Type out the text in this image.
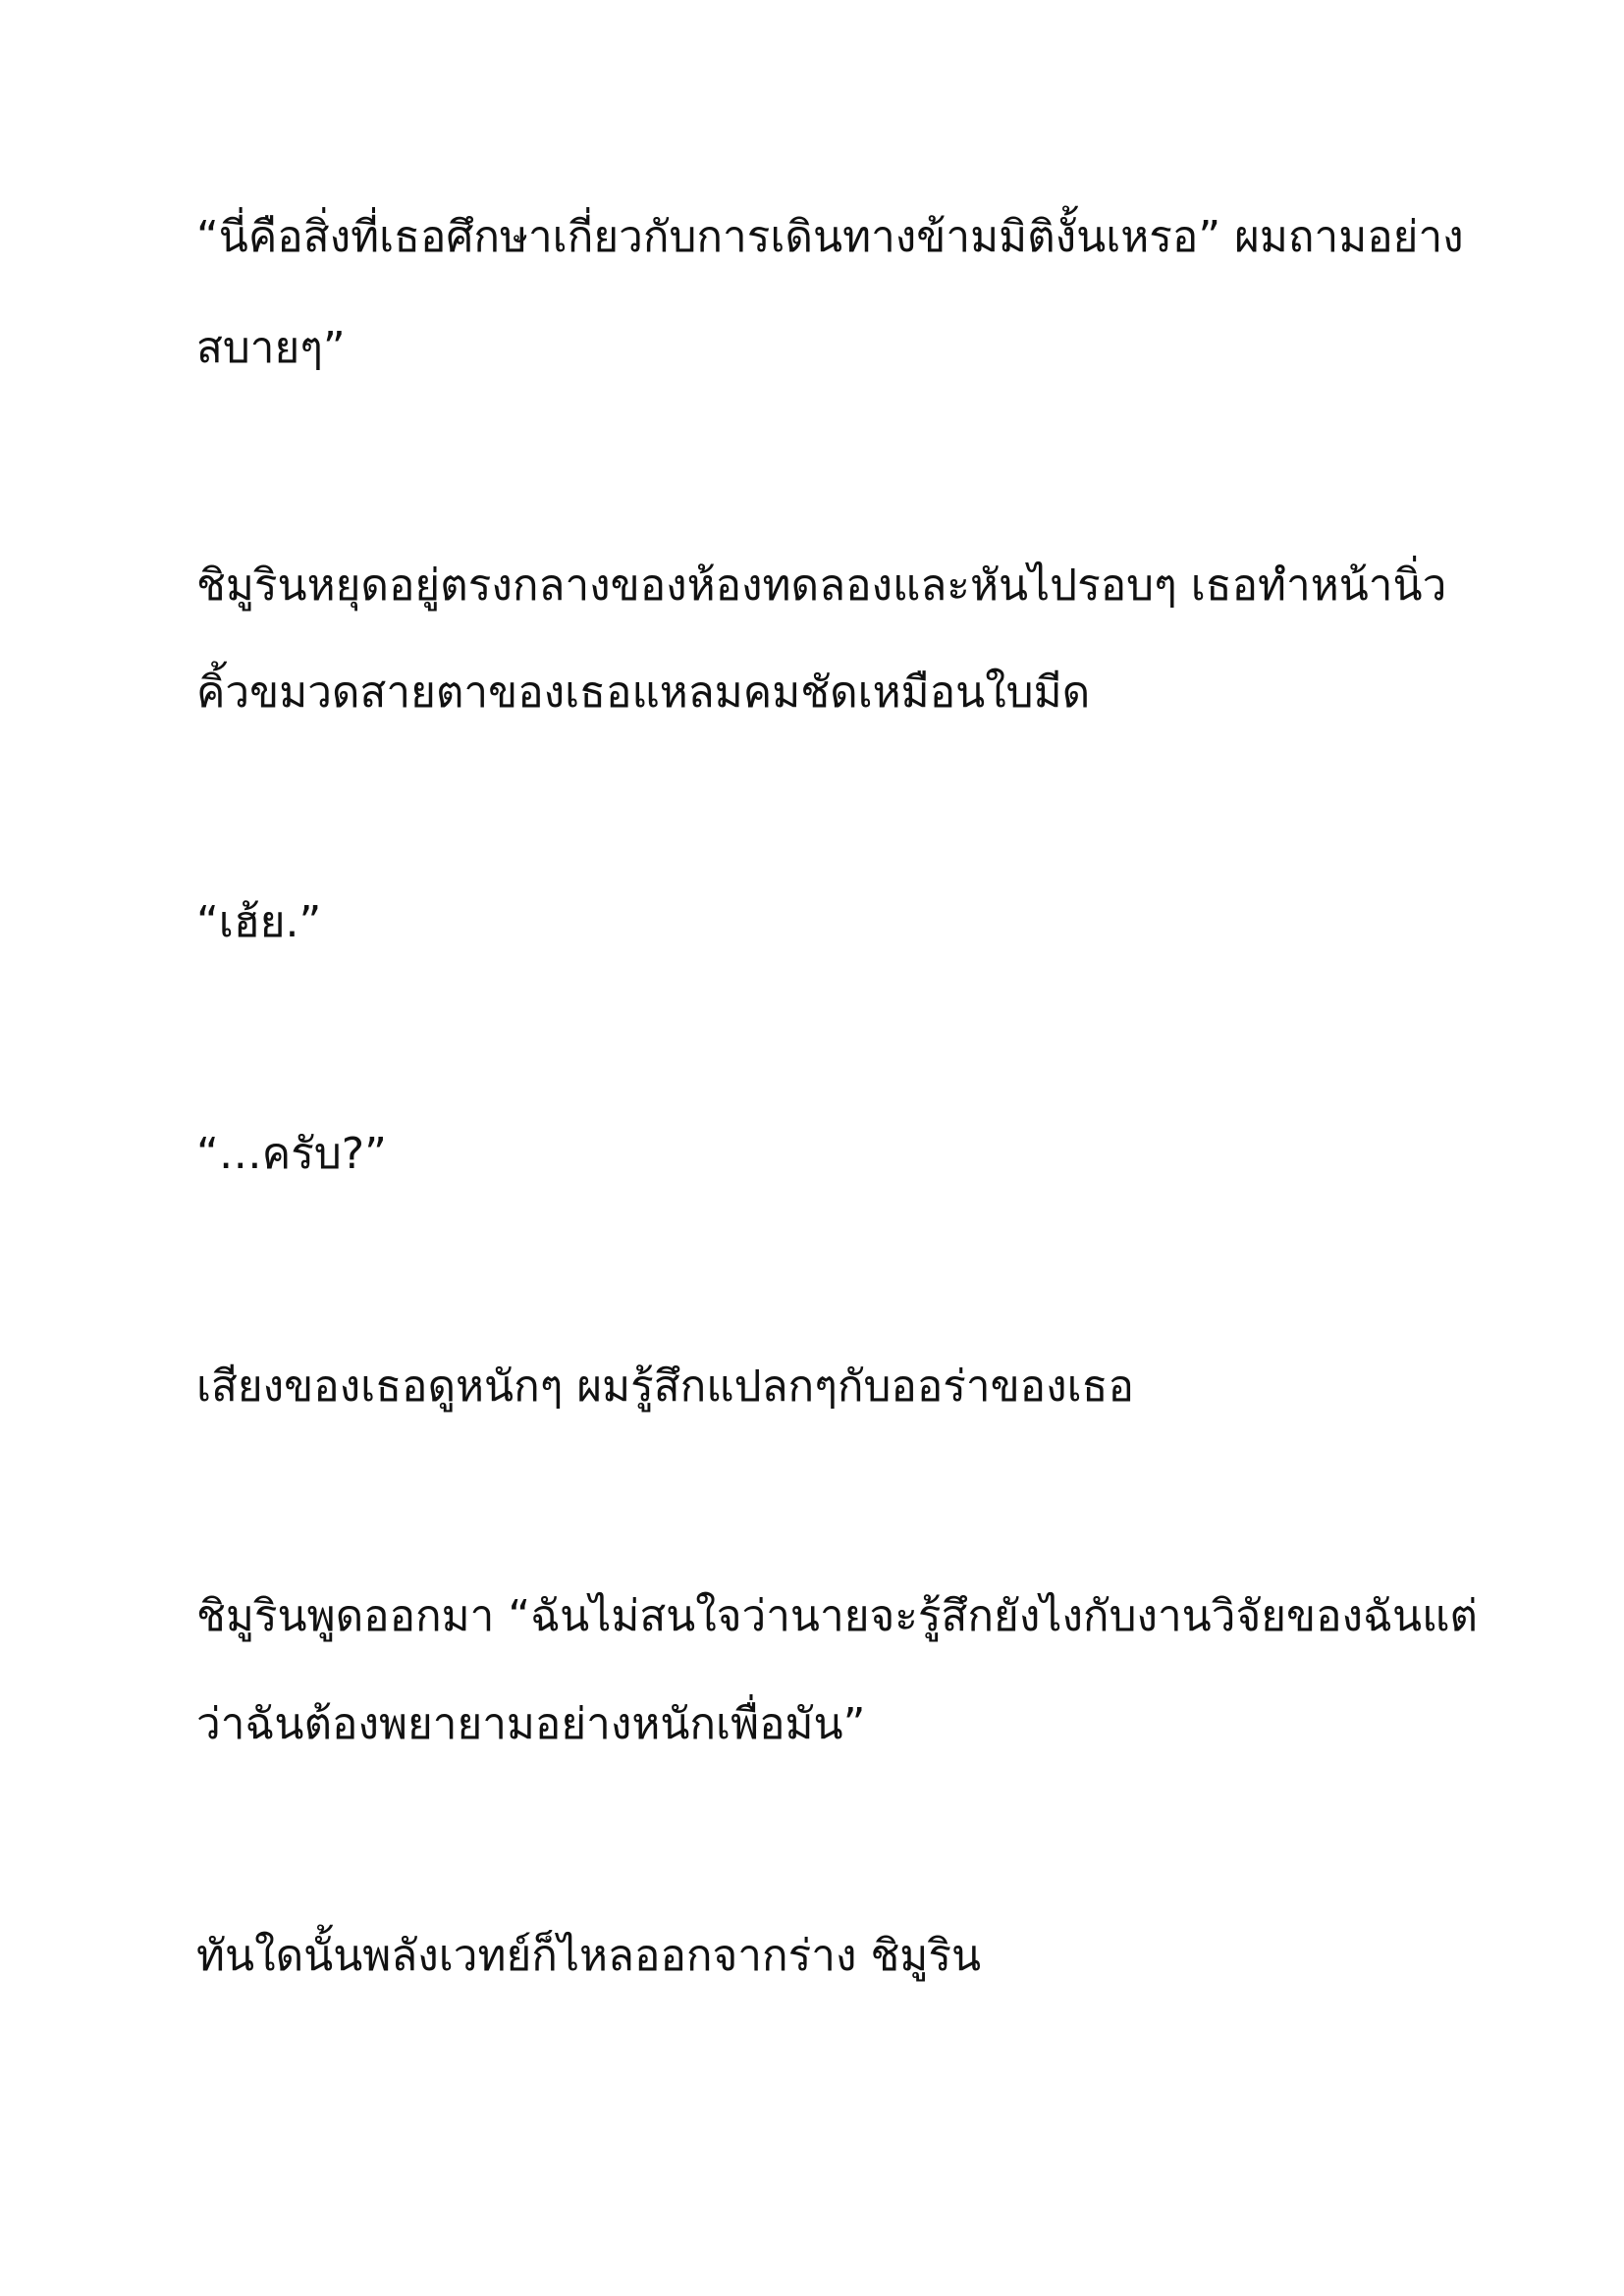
“นี่คือสิ่งที่เธอศึกษาเกี่ยวกับการเดินทางข้ามมิติงั้นเหรอ” ผมถามอย่าง
สบายๆ”
ชิมูรินหยุดอยู่ตรงกลางของห้องทดลองและหันไปรอบๆ เธอทำหน้านิ่ว
คิ้วขมวดสายตาของเธอแหลมคมชัดเหมือนใบมีด
“เฮ้ย.”
“…ครับ?”
เสียงของเธอดูหนักๆ ผมรู้สึกแปลกๆกับออร่าของเธอ
ชิมูรินพูดออกมา “ฉันไม่สนใจว่านายจะรู้สึกยังไงกับงานวิจัยของฉันแต่
ว่าฉันต้องพยายามอย่างหนักเพื่อมัน”
ทันใดนั้นพลังเวทย์ก็ไหลออกจากร่าง ชิมูริน
